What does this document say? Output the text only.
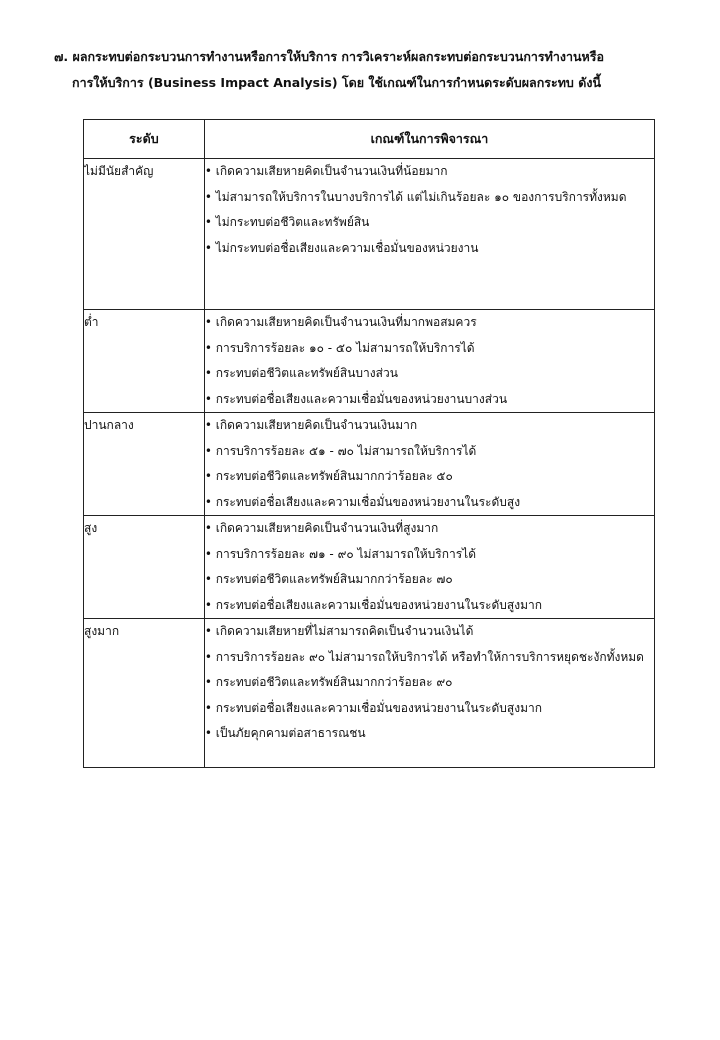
๗. ผลกระทบต่อกระบวนการทำงานหรือการให้บริการ การวิเคราะห์ผลกระทบต่อกระบวนการทำงานหรือ
การให้บริการ (Business Impact Analysis) โดย ใช้เกณฑ์ในการกำหนดระดับผลกระทบ ดังนี้
ระดับ	เกณฑ์ในการพิจารณา
ไม่มีนัยสำคัญ	• เกิดความเสียหายคิดเป็นจำนวนเงินที่น้อยมาก
• ไม่สามารถให้บริการในบางบริการได้ แต่ไม่เกินร้อยละ ๑๐ ของการบริการทั้งหมด
• ไม่กระทบต่อชีวิตและทรัพย์สิน
• ไม่กระทบต่อชื่อเสียงและความเชื่อมั่นของหน่วยงาน

ต่ำ	• เกิดความเสียหายคิดเป็นจำนวนเงินที่มากพอสมควร
• การบริการร้อยละ ๑๐ - ๕๐ ไม่สามารถให้บริการได้
• กระทบต่อชีวิตและทรัพย์สินบางส่วน
• กระทบต่อชื่อเสียงและความเชื่อมั่นของหน่วยงานบางส่วน

ปานกลาง	• เกิดความเสียหายคิดเป็นจำนวนเงินมาก
• การบริการร้อยละ ๕๑ - ๗๐ ไม่สามารถให้บริการได้
• กระทบต่อชีวิตและทรัพย์สินมากกว่าร้อยละ ๕๐
• กระทบต่อชื่อเสียงและความเชื่อมั่นของหน่วยงานในระดับสูง

สูง	• เกิดความเสียหายคิดเป็นจำนวนเงินที่สูงมาก
• การบริการร้อยละ ๗๑ - ๙๐ ไม่สามารถให้บริการได้
• กระทบต่อชีวิตและทรัพย์สินมากกว่าร้อยละ ๗๐
• กระทบต่อชื่อเสียงและความเชื่อมั่นของหน่วยงานในระดับสูงมาก

สูงมาก	• เกิดความเสียหายที่ไม่สามารถคิดเป็นจำนวนเงินได้
• การบริการร้อยละ ๙๐ ไม่สามารถให้บริการได้ หรือทำให้การบริการหยุดชะงักทั้งหมด
• กระทบต่อชีวิตและทรัพย์สินมากกว่าร้อยละ ๙๐
• กระทบต่อชื่อเสียงและความเชื่อมั่นของหน่วยงานในระดับสูงมาก
• เป็นภัยคุกคามต่อสาธารณชน
